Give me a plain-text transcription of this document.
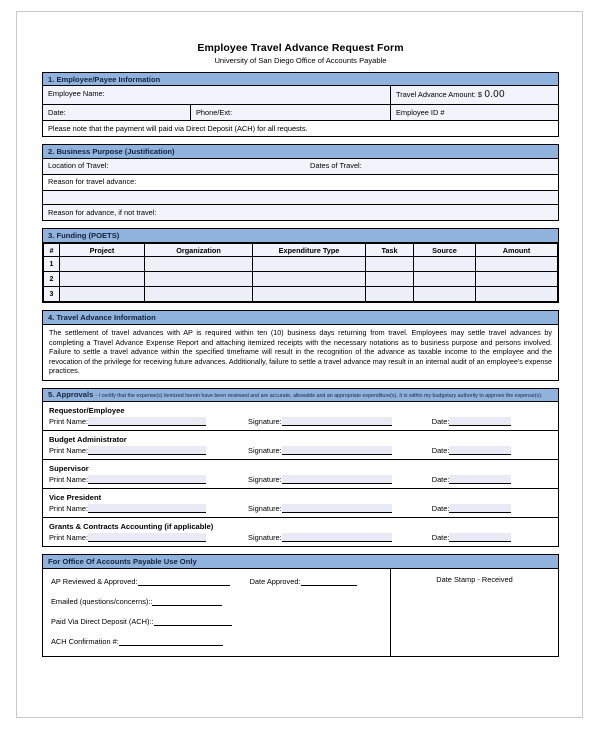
Employee Travel Advance Request Form
University of San Diego Office of Accounts Payable
1. Employee/Payee Information
Employee Name:	Travel Advance Amount: $ 0.00
Date:	Phone/Ext:	Employee ID #
Please note that the payment will paid via Direct Deposit (ACH) for all requests.
2. Business Purpose (Justification)
Location of Travel:	Dates of Travel:
Reason for travel advance:

Reason for advance, if not travel:
3. Funding (POETS)
#	Project	Organization	Expenditure Type	Task	Source	Amount
1						
2						
3						
4. Travel Advance Information
The settlement of travel advances with AP is required within ten (10) business days returning from travel. Employees may settle travel advances by completing a Travel Advance Expense Report and attaching itemized receipts with the necessary notations as to business purpose and persons involved. Failure to settle a travel advance within the specified timeframe will result in the recognition of the advance as taxable income to the employee and the revocation of the privilege for receiving future advances. Additionally, failure to settle a travel advance may result in an internal audit of an employee's expense practices.
5. Approvals - I certify that the expense(s) itemized herein have been reviewed and are accurate, allowable and an appropriate expenditure(s). It is within my budgetary authority to approve the expense(s).
Requestor/Employee
Print Name:	Signature:	Date:
Budget Administrator
Print Name:	Signature:	Date:
Supervisor
Print Name:	Signature:	Date:
Vice President
Print Name:	Signature:	Date:
Grants & Contracts Accounting (if applicable)
Print Name:	Signature:	Date:
For Office Of Accounts Payable Use Only
AP Reviewed & Approved:	Date Approved:
Emailed (questions/concerns)::
Paid Via Direct Deposit (ACH)::
ACH Confirmation #:
Date Stamp - Received
